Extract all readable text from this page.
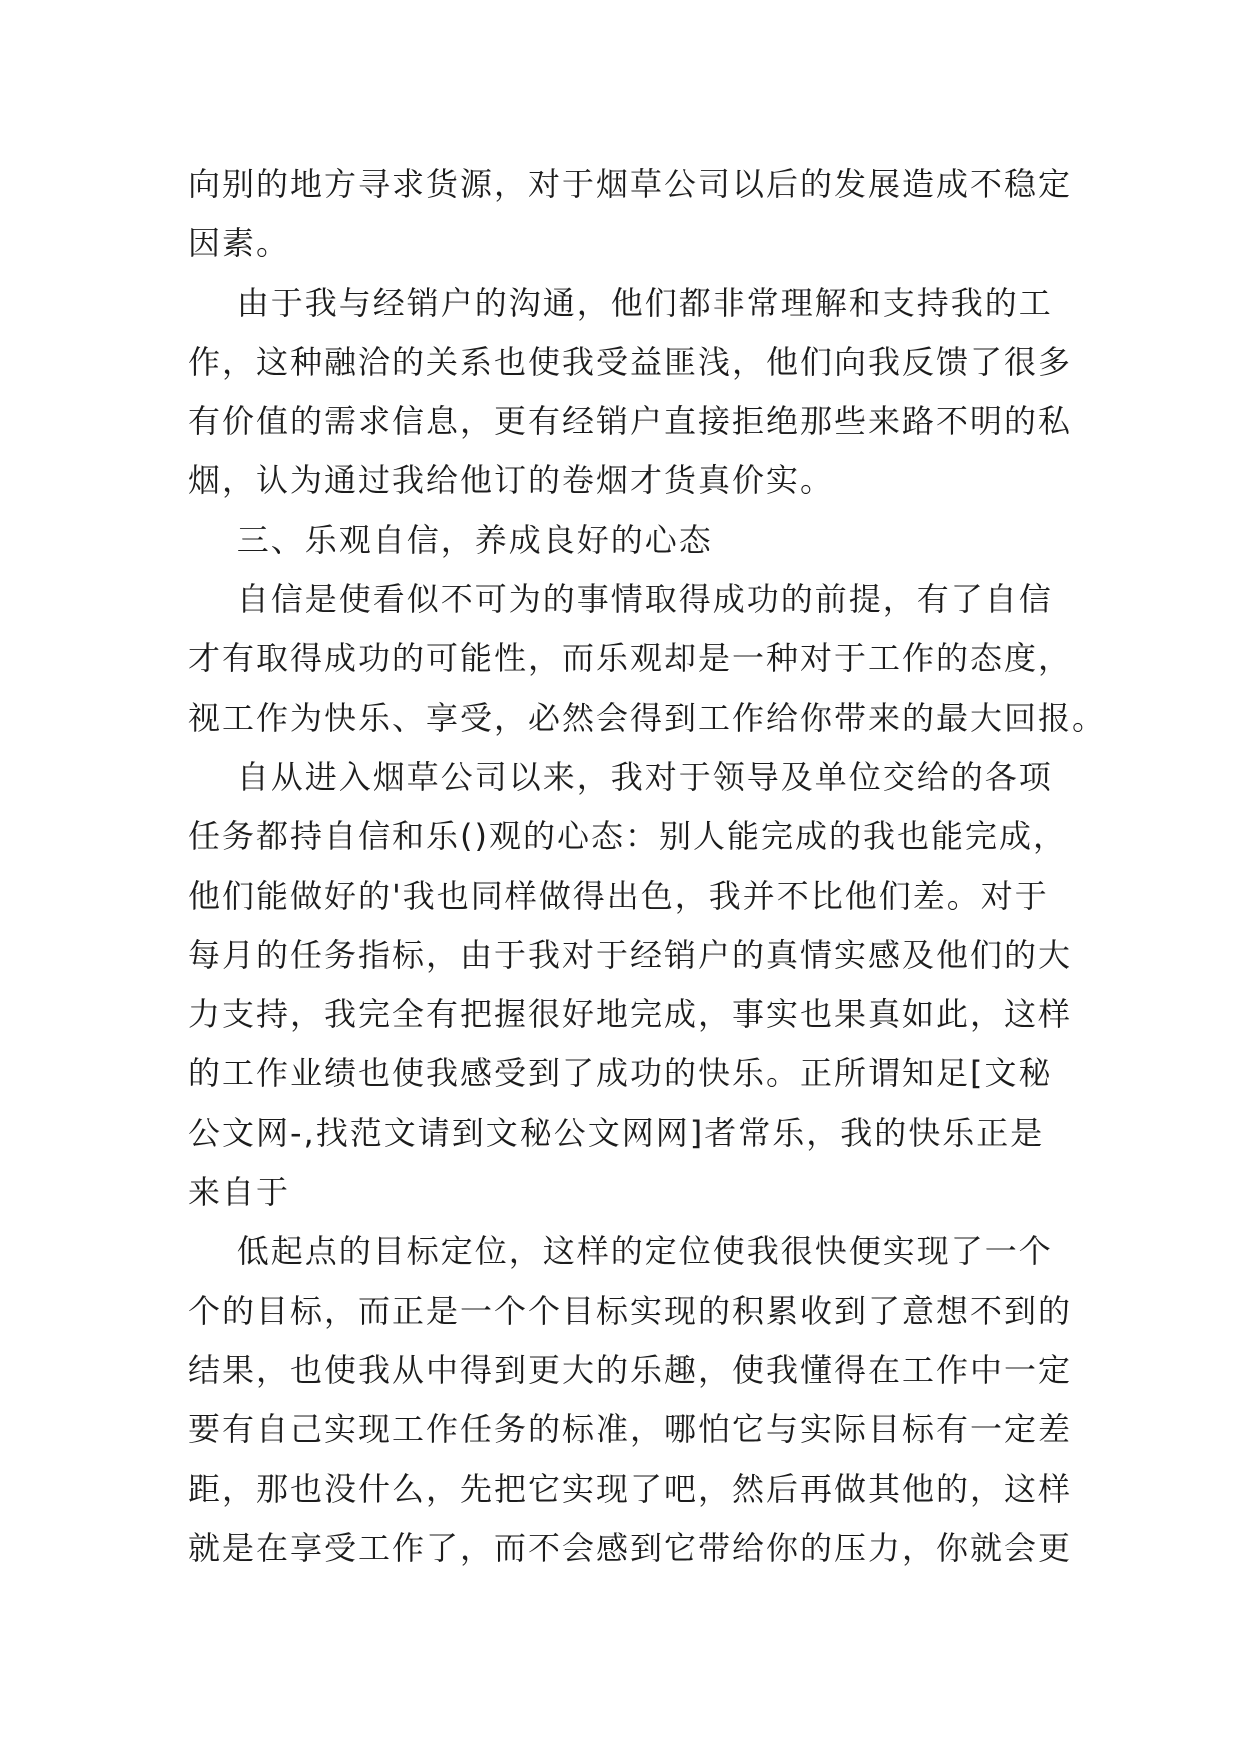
向别的地方寻求货源，对于烟草公司以后的发展造成不稳定
因素。
由于我与经销户的沟通，他们都非常理解和支持我的工
作，这种融洽的关系也使我受益匪浅，他们向我反馈了很多
有价值的需求信息，更有经销户直接拒绝那些来路不明的私
烟，认为通过我给他订的卷烟才货真价实。
三、乐观自信，养成良好的心态
自信是使看似不可为的事情取得成功的前提，有了自信
才有取得成功的可能性，而乐观却是一种对于工作的态度，
视工作为快乐、享受，必然会得到工作给你带来的最大回报。
自从进入烟草公司以来，我对于领导及单位交给的各项
任务都持自信和乐()观的心态：别人能完成的我也能完成，
他们能做好的'我也同样做得出色，我并不比他们差。对于
每月的任务指标，由于我对于经销户的真情实感及他们的大
力支持，我完全有把握很好地完成，事实也果真如此，这样
的工作业绩也使我感受到了成功的快乐。正所谓知足[文秘
公文网-,找范文请到文秘公文网网]者常乐，我的快乐正是
来自于
低起点的目标定位，这样的定位使我很快便实现了一个
个的目标，而正是一个个目标实现的积累收到了意想不到的
结果，也使我从中得到更大的乐趣，使我懂得在工作中一定
要有自己实现工作任务的标准，哪怕它与实际目标有一定差
距，那也没什么，先把它实现了吧，然后再做其他的，这样
就是在享受工作了，而不会感到它带给你的压力，你就会更
